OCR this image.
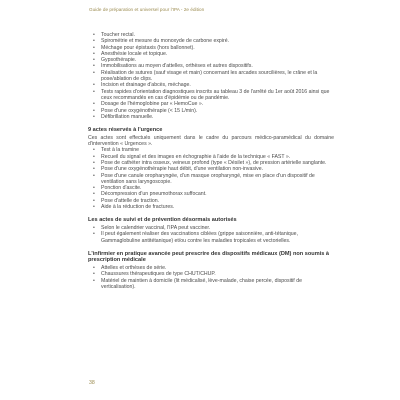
Guide de préparation et universel pour l'IPA - 2e édition
• Toucher rectal.
• Spirométrie et mesure du monoxyde de carbone expiré.
• Méchage pour épistaxis (hors ballonnet).
• Anesthésie locale et topique.
• Gypsothérapie.
• Immobilisations au moyen d'attelles, orthèses et autres dispositifs.
• Réalisation de sutures (sauf visage et main) concernant les arcades sourcilières, le crâne et la pose/ablation de clips.
• Incision et drainage d'abcès, méchage.
• Tests rapides d'orientation diagnostiques inscrits au tableau 3 de l'arrêté du 1er août 2016 ainsi que ceux recommandés en cas d'épidémie ou de pandémie.
• Dosage de l'hémoglobine par « HemoCue ».
• Pose d'une oxygénothérapie (< 15 L/min).
• Défibrillation manuelle.
9 actes réservés à l'urgence

Ces actes sont effectués uniquement dans le cadre du parcours médico-paramédical du domaine d'intervention « Urgences ».

• Test à la tramine
• Recueil du signal et des images en échographie à l'aide de la technique « FAST ».
• Pose de cathéter intra osseux, veineux profond (type « Désilet »), de pression artérielle sanglante.
• Pose d'une oxygénothérapie haut débit, d'une ventilation non-invasive.
• Pose d'une canule oropharyngée, d'un masque oropharyngé, mise en place d'un dispositif de ventilation sans laryngoscopie.
• Ponction d'ascite.
• Décompression d'un pneumothorax suffocant.
• Pose d'attelle de traction.
• Aide à la réduction de fractures.
Les actes de suivi et de prévention désormais autorisés
• Selon le calendrier vaccinal, l'IPA peut vacciner.
• Il peut également réaliser des vaccinations ciblées (grippe saisonnière, anti-tétanique, Gammaglobuline antitétanique) et/ou contre les maladies tropicales et vectorielles.
L'infirmier en pratique avancée peut prescrire des dispositifs médicaux (DM) non soumis à prescription médicale
• Attelles et orthèses de série.
• Chaussures thérapeutiques de type CHUT/CHUP.
• Matériel de maintien à domicile (lit médicalisé, lève-malade, chaise percée, dispositif de verticalisation).
38
